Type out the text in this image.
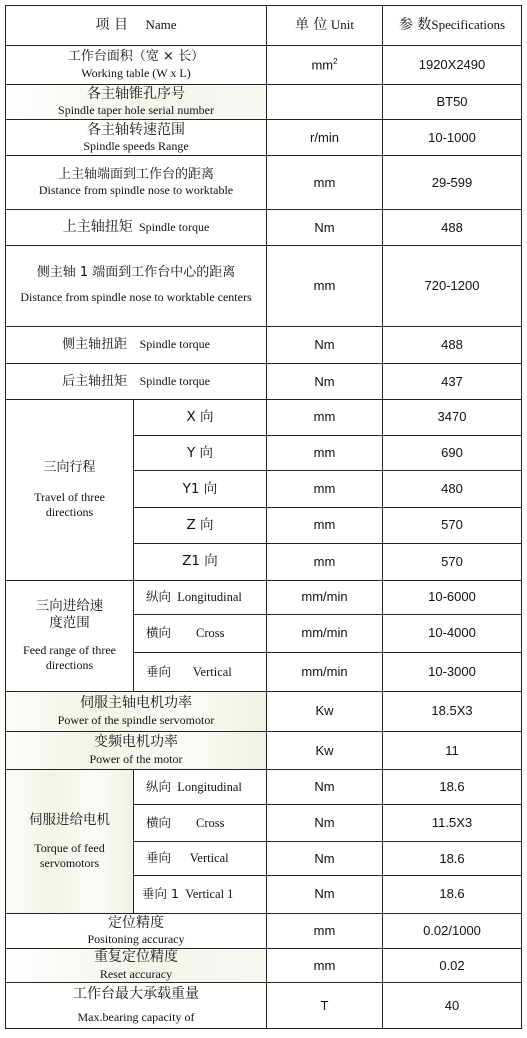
项 目 Name		单 位 Unit	参 数Specifications

工作台面积（宽 × 长）
Working table (W x L)		$mm^2$	1920X2490

各主轴锥孔序号
Spindle taper hole serial number			BT50

各主轴转速范围
Spindle speeds Range		r/min	10-1000

上主轴端面到工作台的距离
Distance from spindle nose to worktable		mm	29-599
上主轴扭矩 Spindle torque		Nm	488

侧主轴 1 端面到工作台中心的距离
Distance from spindle nose to worktable centers		mm	720-1200
侧主轴扭距 Spindle torque		Nm	488
后主轴扭矩 Spindle torque		Nm	437

三向行程
Travel of three directions	X 向	mm	3470
	Y 向	mm	690
	Y1 向	mm	480
	Z 向	mm	570
	Z1 向	mm	570

三向进给速度范围
Feed range of three directions	纵向 Longitudinal	mm/min	10-6000
	横向 Cross	mm/min	10-4000
	垂向 Vertical	mm/min	10-3000

伺服主轴电机功率
Power of the spindle servomotor		Kw	18.5X3

变频电机功率
Power of the motor		Kw	11

伺服进给电机
Torque of feed servomotors	纵向 Longitudinal	Nm	18.6
	横向 Cross	Nm	11.5X3
	垂向 Vertical	Nm	18.6
	垂向 1 Vertical 1	Nm	18.6

定位精度
Positoning accuracy		mm	0.02/1000

重复定位精度
Reset accuracy		mm	0.02

工作台最大承载重量
Max.bearing capacity of		T	40
